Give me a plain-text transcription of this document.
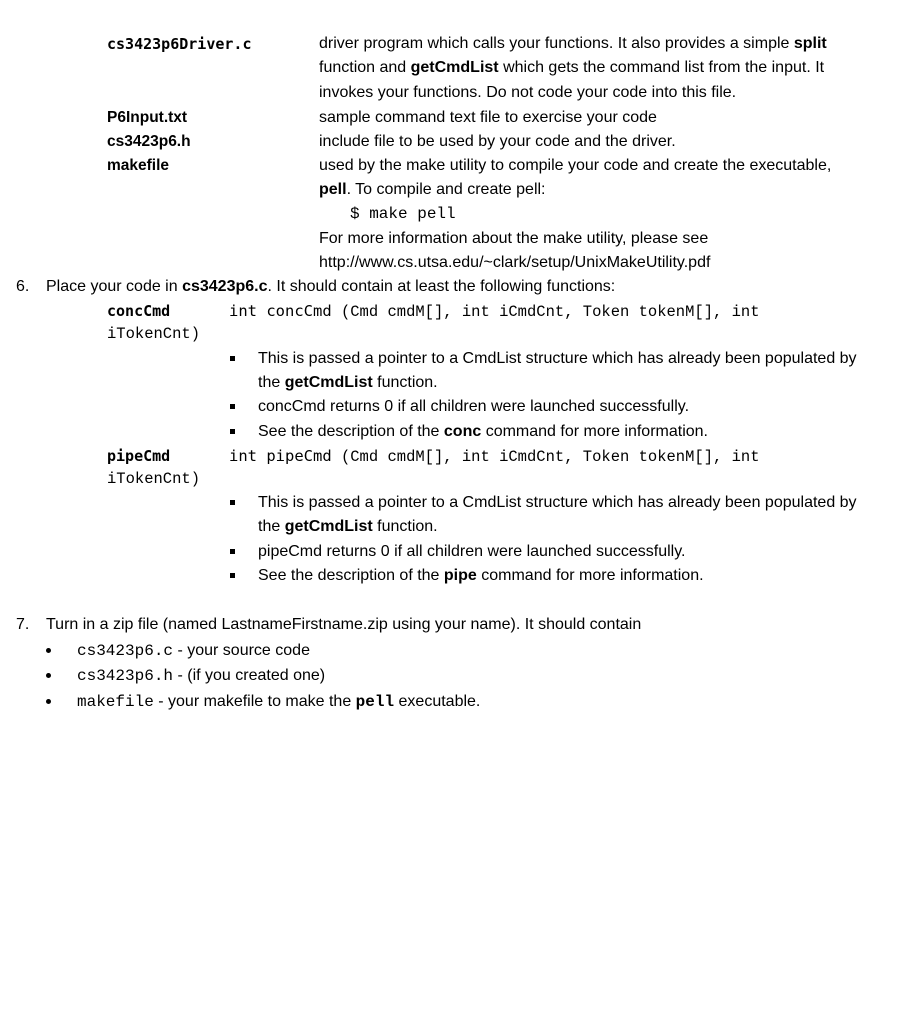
cs3423p6Driver.c	driver program which calls your functions. It also provides a simple split
function and getCmdList which gets the command list from the input. It
invokes your functions. Do not code your code into this file.
P6Input.txt	sample command text file to exercise your code
cs3423p6.h	include file to be used by your code and the driver.
makefile	used by the make utility to compile your code and create the executable,
pell. To compile and create pell:
$ make pell
For more information about the make utility, please see
http://www.cs.utsa.edu/~clark/setup/UnixMakeUtility.pdf
6. Place your code in cs3423p6.c. It should contain at least the following functions:
concCmd	int concCmd (Cmd cmdM[], int iCmdCnt, Token tokenM[], int
iTokenCnt)
This is passed a pointer to a CmdList structure which has already been populated by
the getCmdList function.
concCmd returns 0 if all children were launched successfully.
See the description of the conc command for more information.
pipeCmd	int pipeCmd (Cmd cmdM[], int iCmdCnt, Token tokenM[], int
iTokenCnt)
This is passed a pointer to a CmdList structure which has already been populated by
the getCmdList function.
pipeCmd returns 0 if all children were launched successfully.
See the description of the pipe command for more information.
7. Turn in a zip file (named LastnameFirstname.zip using your name). It should contain
cs3423p6.c - your source code
cs3423p6.h - (if you created one)
makefile - your makefile to make the pell executable.
